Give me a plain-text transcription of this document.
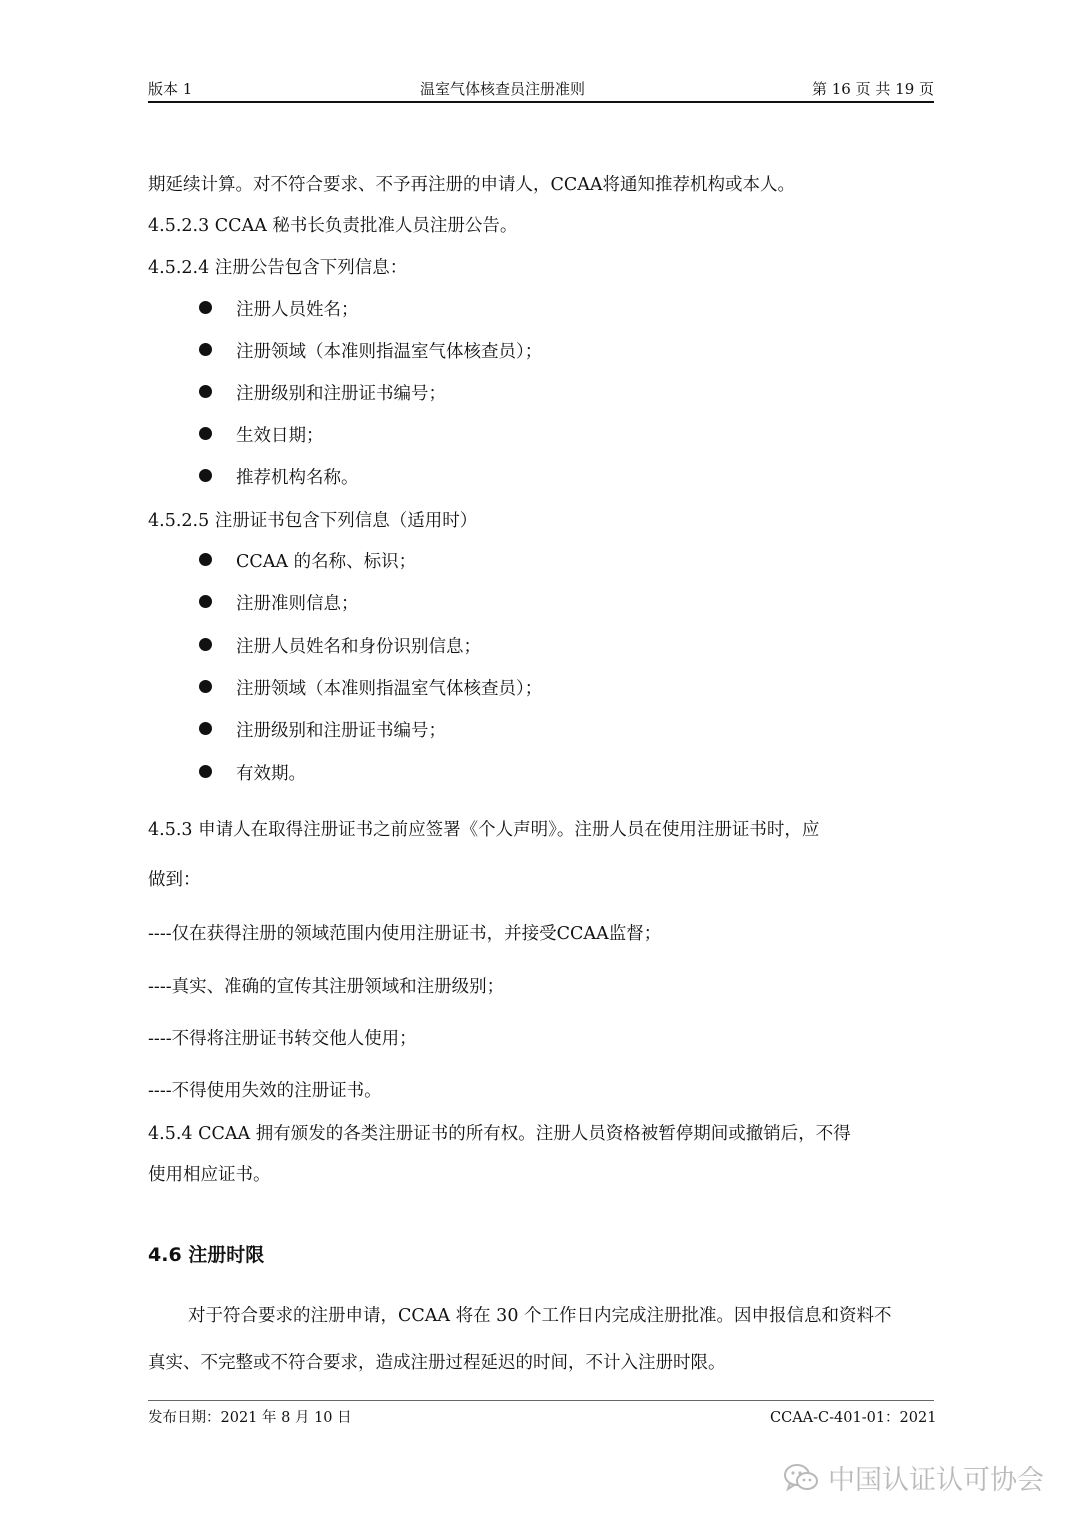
版本 1	温室气体核查员注册准则	第 16 页 共 19 页
期延续计算。对不符合要求、不予再注册的申请人，CCAA将通知推荐机构或本人。
4.5.2.3 CCAA 秘书长负责批准人员注册公告。
4.5.2.4 注册公告包含下列信息：
注册人员姓名；
注册领域（本准则指温室气体核查员）；
注册级别和注册证书编号；
生效日期；
推荐机构名称。
4.5.2.5 注册证书包含下列信息（适用时）
CCAA 的名称、标识；
注册准则信息；
注册人员姓名和身份识别信息；
注册领域（本准则指温室气体核查员）；
注册级别和注册证书编号；
有效期。
4.5.3 申请人在取得注册证书之前应签署《个人声明》。注册人员在使用注册证书时，应
做到：
----仅在获得注册的领域范围内使用注册证书，并接受CCAA监督；
----真实、准确的宣传其注册领域和注册级别；
----不得将注册证书转交他人使用；
----不得使用失效的注册证书。
4.5.4 CCAA 拥有颁发的各类注册证书的所有权。注册人员资格被暂停期间或撤销后，不得
使用相应证书。
4.6 注册时限
对于符合要求的注册申请，CCAA 将在 30 个工作日内完成注册批准。因申报信息和资料不
真实、不完整或不符合要求，造成注册过程延迟的时间，不计入注册时限。
发布日期：2021 年 8 月 10 日	CCAA-C-401-01：2021
中国认证认可协会
